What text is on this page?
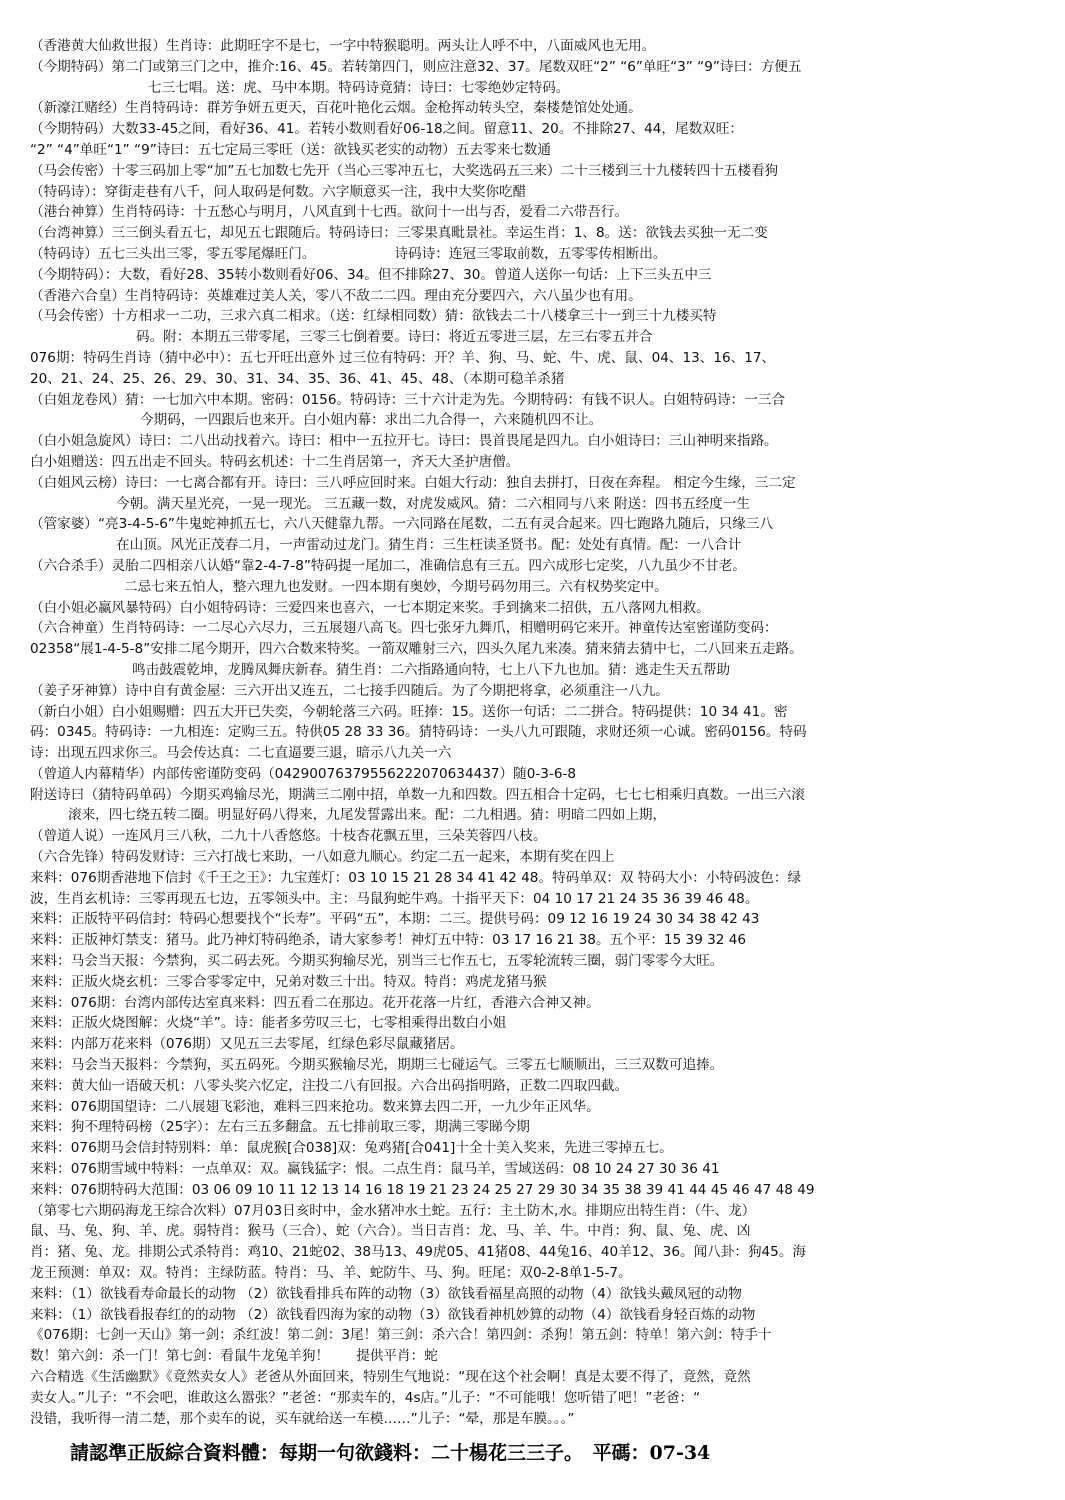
（香港黄大仙救世报）生肖诗：此期旺字不是七，一字中特猴聪明。两头让人呼不中，八面威风也无用。
（今期特码）第二门或第三门之中，推介:16、45。若转第四门，则应注意32、37。尾数双旺“2” “6”单旺“3” “9”诗曰：方便五
七三七唱。送：虎、马中本期。特码诗竟猜：诗曰：七零绝妙定特码。
（新濠江赌经）生肖特码诗：群芳争妍五更天，百花叶艳化云烟。金枪挥动转头空，秦楼楚馆处处通。
（今期特码）大数33-45之间，看好36、41。若转小数则看好06-18之间。留意11、20。不排除27、44，尾数双旺：
“2” “4”单旺“1” “9”诗曰：五七定局三零旺（送：欲钱买老实的动物）五去零来七数通
（马会传密）十零三码加上零“加”五七加数七先开（当心三零冲五七，大奖选码五三来）二十三楼到三十九楼转四十五楼看狗
（特码诗）：穿街走巷有八千，问人取码是何数。六字顺意买一注，我中大奖你吃醋
（港台神算）生肖特码诗：十五愁心与明月，八风直到十七西。欲问十一出与否，爱看二六带吾行。
（台湾神算）三三倒头看五七，却见五七跟随后。特码诗曰：三零果真毗景社。幸运生肖：1、8。送：欲钱去买独一无二变
（特码诗）五七三头出三零，零五零尾爆旺门。　　　　　　 诗码诗：连冠三零取前数，五零零传相断出。
（今期特码）：大数，看好28、35转小数则看好06、34。但不排除27、30。曾道人送你一句话：上下三头五中三
（香港六合皇）生肖特码诗：英雄难过美人关，零八不敌二二四。理由充分要四六，六八虽少也有用。
（马会传密）十方相求一二功，三求六真二相求。（送：红绿相同数）猜：欲钱去二十八楼拿三十一到三十九楼买特
码。附：本期五三带零尾，三零三七倒着要。诗曰：将近五零进三层，左三右零五并合
076期：特码生肖诗（猜中必中）：五七开旺出意外 过三位有特码：开？羊、狗、马、蛇、牛、虎、鼠、04、13、16、17、
20、21、24、25、26、29、30、31、34、35、36、41、45、48、（本期可稳羊杀猪
（白姐龙卷风）猜：一七加六中本期。密码：0156。特码诗：三十六计走为先。今期特码：有钱不识人。白姐特码诗：一三合
今期码，一四跟后也来开。白小姐内幕：求出二九合得一，六来随机四不让。
（白小姐急旋风）诗曰：二八出动找着六。诗曰：相中一五拉开七。诗曰：畏首畏尾是四九。白小姐诗曰：三山神明来指路。
白小姐赠送：四五出走不回头。特码玄机述：十二生肖居第一，齐天大圣护唐僧。
（白姐风云榜）诗曰：一七离合都有开。诗曰：三八呼应回时来。白姐大行动：独自去拼打，日夜在奔程。 相定今生缘，三二定
今朝。满天星光亮，一晃一现光。 三五藏一数，对虎发威风。猜：二六相同与八来 附送：四书五经度一生
（管家婆）“亮3-4-5-6”牛鬼蛇神抓五七，六八天健靠九帮。一六同路在尾数，二五有灵合起来。四七跑路九随后，只缘三八
在山顶。风光正茂春二月，一声雷动过龙门。猜生肖：三生枉读圣贤书。配：处处有真情。配：一八合计
（六合杀手）灵胎二四相亲八认婚“靠2-4-7-8”特码提一尾加二，准确信息有三五。四六成形七定奖，八九虽少不甘老。
二忌七来五怕人，整六理九也发财。一四本期有奥妙，今期号码勿用三。六有权势奖定中。
（白小姐必赢风暴特码）白小姐特码诗：三爱四来也喜六，一七本期定来奖。手到擒来二招供，五八落网九相救。
（六合神童）生肖特码诗：一二尽心六尽力，三五展翅八高飞。四七张牙九舞爪，相赠明码它来开。神童传达室密谨防变码：
02358“展1-4-5-8”安排二尾今期开，四六合数来特奖。一箭双雕射三六，四头久尾九来凑。猜来猜去猜中七，二八回来五走路。
鸣击鼓震乾坤，龙腾凤舞庆新春。猜生肖：二六指路通向特，七上八下九也加。猜：逃走生天五帮助
（姜子牙神算）诗中自有黄金屋：三六开出又连五，二七接手四随后。为了今期把将拿，必须重注一八九。
（新白小姐）白小姐赐赠：四五大开已失奕，今朝轮落三六码。旺捧：15。送你一句话：二二拼合。特码提供：10 34 41。密
码：0345。特码诗：一九相连：定购三五。特供05 28 33 36。猜特码诗：一头八九可跟随，求财还须一心诚。密码0156。特码
诗：出现五四求你三。马会传达真：二七直逼要三退，暗示八九关一六
（曾道人内幕精华）内部传密谨防变码（04290076379556222070634437）随0-3-6-8
附送诗曰（猜特码单码）今期买鸡输尽光，期满三二刚中招，单数一九和四数。四五相合十定码，七七七相乘归真数。一出三六滚
滚来，四七绕五转二圈。明显好码八得来，九尾发誓露出来。配：二九相遇。猜：明暗二四如上期，
（曾道人说）一连风月三八秋，二九十八香悠悠。十枝杏花飘五里，三朵芙蓉四八枝。
（六合先锋）特码发财诗：三六打战七来助，一八如意九顺心。约定二五一起来，本期有奖在四上
来料：076期香港地下信封《千王之王》：九宝莲灯：03 10 15 21 28 34 41 42 48。特码单双：双 特码大小：小特码波色：绿
波，生肖玄机诗：三零再现五七边，五零领头中。主：马鼠狗蛇牛鸡。十指平天下：04 10 17 21 24 35 36 39 46 48。
来料：正版特平码信封：特码心想要找个“长寿”。平码“五”，本期：二三。提供号码：09 12 16 19 24 30 34 38 42 43
来料：正版神灯禁支：猪马。此乃神灯特码绝杀，请大家参考！神灯五中特：03 17 16 21 38。五个平：15 39 32 46
来料：马会当天报：今禁狗，买二码去死。今期买狗输尽光，别当三七作五七，五零轮流转三圈，弱门零零今大旺。
来料：正版火烧玄机：三零合零零定中，兄弟对数三十出。特双。特肖：鸡虎龙猪马猴
来料：076期：台湾内部传达室真来料：四五看二在那边。花开花落一片红，香港六合神又神。
来料：正版火烧图解：火烧“羊”。诗：能者多劳叹三七，七零相乘得出数白小姐
来料：内部万花来料（076期）又见五三去零尾，红绿色彩尽鼠藏猪居。
来料：马会当天报料：今禁狗，买五码死。今期买猴输尽光，期期三七碰运气。三零五七顺顺出，三三双数可追捧。
来料：黄大仙一语破天机：八零头奖六忆定，注投二八有回报。六合出码指明路，正数二四取四截。
来料：076期国望诗：二八展翅飞彩池，难料三四来抢功。数来算去四二开，一九少年正风华。
来料：狗不理特码榜（25字）：左右三五多翻盒。五七排前取三零，期满三零睇今期
来料：076期马会信封特别料：单：鼠虎猴[合038]双：兔鸡猪[合041]十全十美入奖来，先进三零掉五七。
来料：076期雪域中特料：一点单双：双。赢钱猛字：恨。二点生肖：鼠马羊，雪域送码：08 10 24 27 30 36 41
来料：076期特码大范围：03 06 09 10 11 12 13 14 16 18 19 21 23 24 25 27 29 30 34 35 38 39 41 44 45 46 47 48 49
（第零七六期码海龙王综合次料）07月03日亥时中，金水猪冲水土蛇。五行：主土防木,水。排期应出特生肖：（牛、龙）
鼠、马、兔、狗、羊、虎。弱特肖：猴马（三合）、蛇（六合）。当日吉肖：龙、马、羊、牛。中肖：狗、鼠、兔、虎、凶
肖：猪、兔、龙。排期公式杀特肖：鸡10、21蛇02、38马13、49虎05、41猪08、44兔16、40羊12、36。闻八卦：狗45。海
龙王预测：单双：双。特肖：主绿防蓝。特肖：马、羊、蛇防牛、马、狗。旺尾：双0-2-8单1-5-7。
来料：（1）欲钱看寿命最长的动物 （2）欲钱看排兵布阵的动物（3）欲钱看福星高照的动物（4）欲钱头戴凤冠的动物
来料：（1）欲钱看报春红的的动物 （2）欲钱看四海为家的动物（3）欲钱看神机妙算的动物（4）欲钱看身轻百炼的动物
《076期：七剑一天山》第一剑：杀红波！第二剑：3尾！第三剑：杀六合！第四剑：杀狗！第五剑：特单！第六剑：特手十
数！第六剑：杀一门！第七剑：看鼠牛龙兔羊狗！　　提供平肖：蛇
六合精选《生活幽默》《竟然卖女人》老爸从外面回来，特别生气地说：“现在这个社会啊！真是太要不得了，竟然，竟然
卖女人。”儿子：“不会吧，谁敢这么嚣张？”老爸：“那卖车的，4s店。”儿子：“不可能哦！您听错了吧！”老爸：“
没错，我听得一清二楚，那个卖车的说，买车就给送一车模……”儿子：“晕，那是车膜。。。”
請認準正版綜合資料體：每期一句欲錢料：二十楊花三三子。　平碼：07-34
